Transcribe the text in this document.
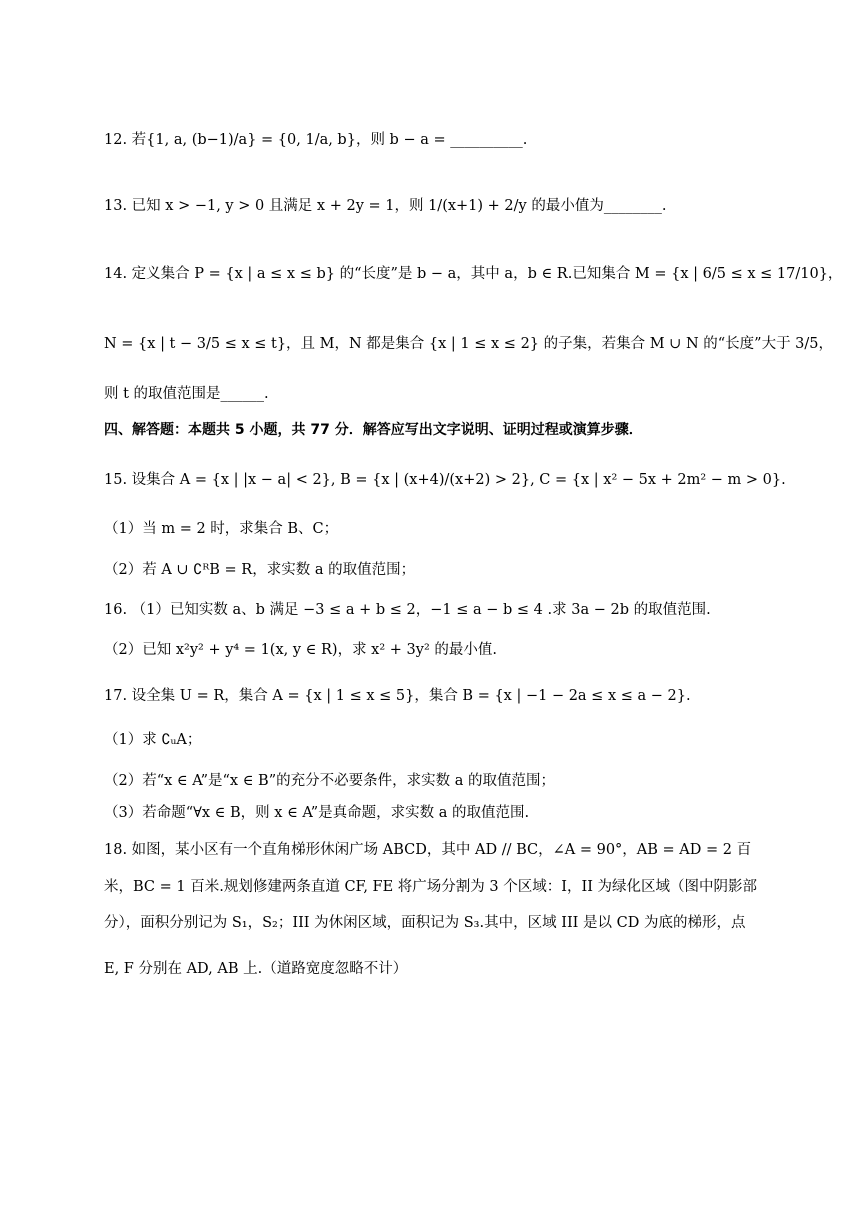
12. 若{1, a, (b−1)/a} = {0, 1/a, b}，则 b − a = __________.
13. 已知 x > −1, y > 0 且满足 x + 2y = 1，则 1/(x+1) + 2/y 的最小值为________.
14. 定义集合 P = {x | a ≤ x ≤ b} 的“长度”是 b − a，其中 a，b ∈ R.已知集合 M = {x | 6/5 ≤ x ≤ 17/10}，
N = {x | t − 3/5 ≤ x ≤ t}，且 M，N 都是集合 {x | 1 ≤ x ≤ 2} 的子集，若集合 M ∪ N 的“长度”大于 3/5，
则 t 的取值范围是______.
四、解答题：本题共 5 小题，共 77 分．解答应写出文字说明、证明过程或演算步骤．
15. 设集合 A = {x | |x − a| < 2}, B = {x | (x+4)/(x+2) > 2}, C = {x | x² − 5x + 2m² − m > 0}.
（1）当 m = 2 时，求集合 B、C；
（2）若 A ∪ ∁ᴿB = R，求实数 a 的取值范围；
16. （1）已知实数 a、b 满足 −3 ≤ a + b ≤ 2，−1 ≤ a − b ≤ 4 .求 3a − 2b 的取值范围.
（2）已知 x²y² + y⁴ = 1(x, y ∈ R)，求 x² + 3y² 的最小值.
17. 设全集 U = R，集合 A = {x | 1 ≤ x ≤ 5}，集合 B = {x | −1 − 2a ≤ x ≤ a − 2}.
（1）求 ∁ᵤA；
（2）若“x ∈ A”是“x ∈ B”的充分不必要条件，求实数 a 的取值范围；
（3）若命题“∀x ∈ B，则 x ∈ A”是真命题，求实数 a 的取值范围.
18. 如图，某小区有一个直角梯形休闲广场 ABCD，其中 AD // BC，∠A = 90°，AB = AD = 2 百
米，BC = 1 百米.规划修建两条直道 CF, FE 将广场分割为 3 个区域：I，II 为绿化区域（图中阴影部
分），面积分别记为 S₁，S₂；III 为休闲区域，面积记为 S₃.其中，区域 III 是以 CD 为底的梯形，点
E, F 分别在 AD, AB 上.（道路宽度忽略不计）
